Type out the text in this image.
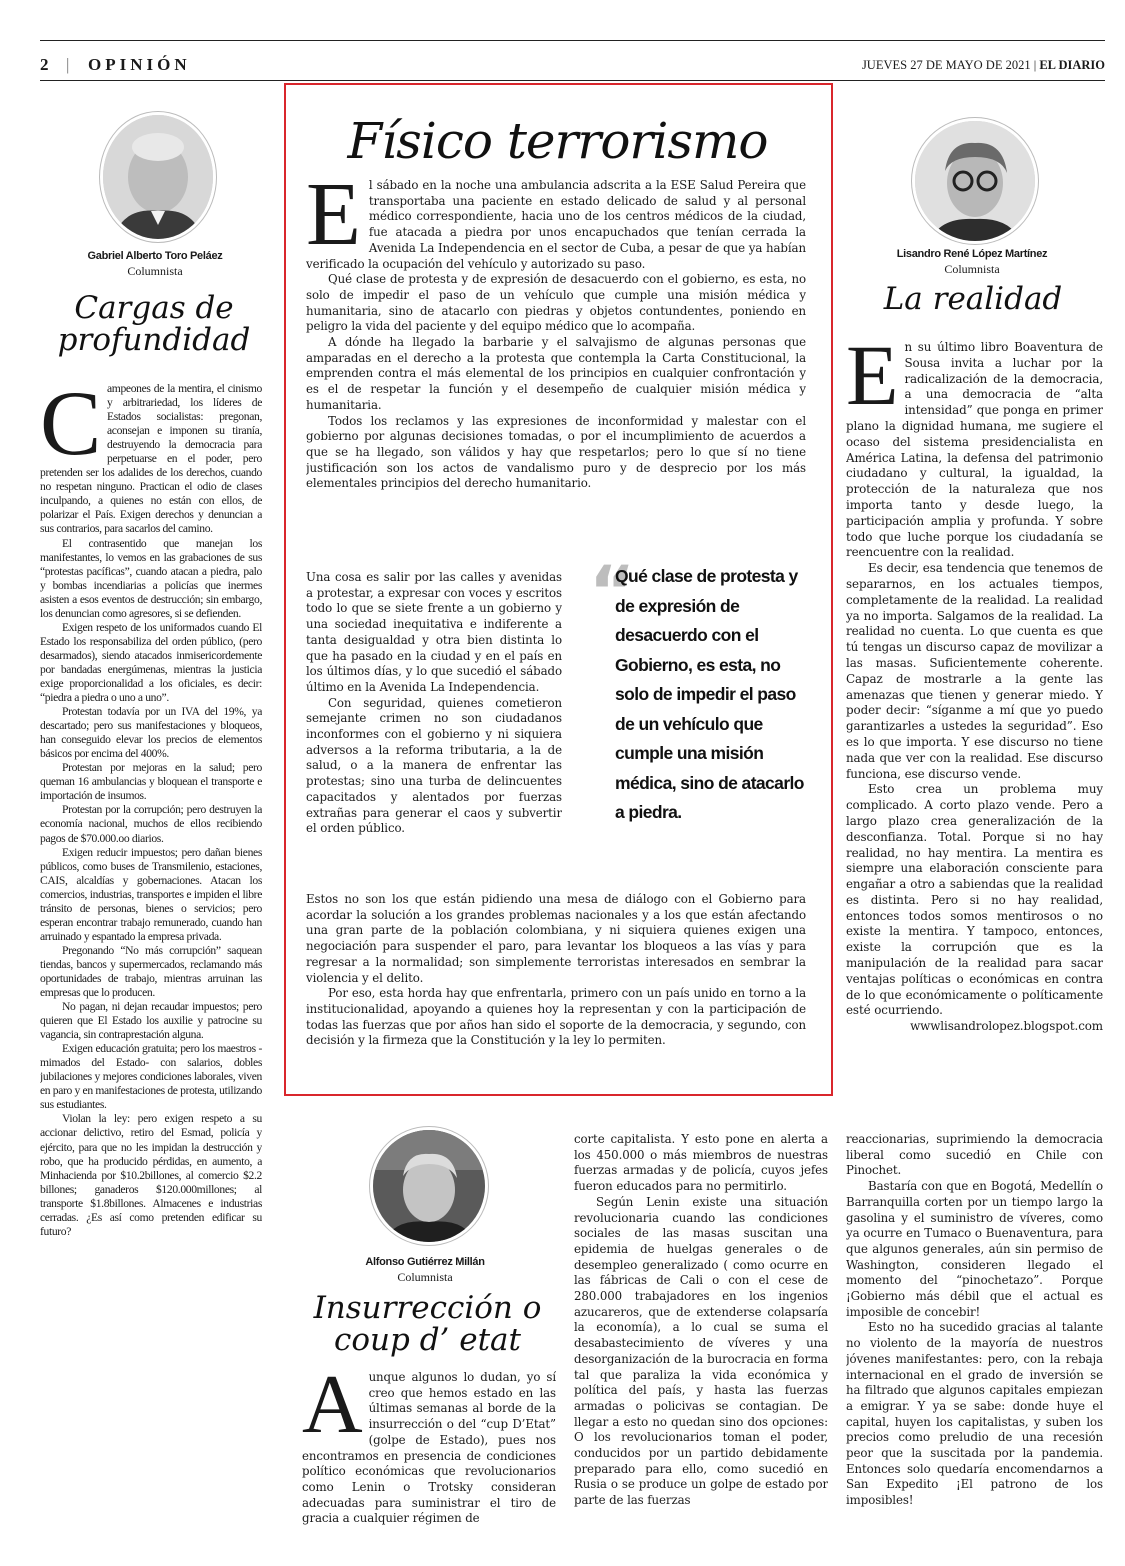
2 | OPINIÓN	JUEVES 27 DE MAYO DE 2021 | EL DIARIO
Gabriel Alberto Toro Peláez
Columnista
Cargas de
profundidad

Campeones de la mentira, el cinismo y arbitrariedad, los líderes de Estados socialistas: pregonan, aconsejan e imponen su tiranía, destruyendo la democracia para perpetuarse en el poder, pero pretenden ser los adalides de los derechos, cuando no respetan ninguno. Practican el odio de clases inculpando, a quienes no están con ellos, de polarizar el País. Exigen derechos y denuncian a sus contrarios, para sacarlos del camino.

El contrasentido que manejan los manifestantes, lo vemos en las grabaciones de sus “protestas pacíficas”, cuando atacan a piedra, palo y bombas incendiarias a policías que inermes asisten a esos eventos de destrucción; sin embargo, los denuncian como agresores, si se defienden.

Exigen respeto de los uniformados cuando El Estado los responsabiliza del orden público, (pero desarmados), siendo atacados inmisericordemente por bandadas energúmenas, mientras la justicia exige proporcionalidad a los oficiales, es decir: “piedra a piedra o uno a uno”.

Protestan todavía por un IVA del 19%, ya descartado; pero sus manifestaciones y bloqueos, han conseguido elevar los precios de elementos básicos por encima del 400%.

Protestan por mejoras en la salud; pero queman 16 ambulancias y bloquean el transporte e importación de insumos.

Protestan por la corrupción; pero destruyen la economía nacional, muchos de ellos recibiendo pagos de $70.000.oo diarios.

Exigen reducir impuestos; pero dañan bienes públicos, como buses de Transmilenio, estaciones, CAIS, alcaldías y gobernaciones. Atacan los comercios, industrias, transportes e impiden el libre tránsito de personas, bienes o servicios; pero esperan encontrar trabajo remunerado, cuando han arruinado y espantado la empresa privada.

Pregonando “No más corrupción” saquean tiendas, bancos y supermercados, reclamando más oportunidades de trabajo, mientras arruinan las empresas que lo producen.

No pagan, ni dejan recaudar impuestos; pero quieren que El Estado los auxilie y patrocine su vagancia, sin contraprestación alguna.

Exigen educación gratuita; pero los maestros -mimados del Estado- con salarios, dobles jubilaciones y mejores condiciones laborales, viven en paro y en manifestaciones de protesta, utilizando sus estudiantes.

Violan la ley: pero exigen respeto a su accionar delictivo, retiro del Esmad, policía y ejército, para que no les impidan la destrucción y robo, que ha producido pérdidas, en aumento, a Minhacienda por $10.2billones, al comercio $2.2 billones; ganaderos $120.000millones; al transporte $1.8billones. Almacenes e industrias cerradas. ¿Es así como pretenden edificar su futuro?

Físico terrorismo

El sábado en la noche una ambulancia adscrita a la ESE Salud Pereira que transportaba una paciente en estado delicado de salud y al personal médico correspondiente, hacia uno de los centros médicos de la ciudad, fue atacada a piedra por unos encapuchados que tenían cerrada la Avenida La Independencia en el sector de Cuba, a pesar de que ya habían verificado la ocupación del vehículo y autorizado su paso.

Qué clase de protesta y de expresión de desacuerdo con el gobierno, es esta, no solo de impedir el paso de un vehículo que cumple una misión médica y humanitaria, sino de atacarlo con piedras y objetos contundentes, poniendo en peligro la vida del paciente y del equipo médico que lo acompaña.

A dónde ha llegado la barbarie y el salvajismo de algunas personas que amparadas en el derecho a la protesta que contempla la Carta Constitucional, la emprenden contra el más elemental de los principios en cualquier confrontación y es el de respetar la función y el desempeño de cualquier misión médica y humanitaria.

Todos los reclamos y las expresiones de inconformidad y malestar con el gobierno por algunas decisiones tomadas, o por el incumplimiento de acuerdos a que se ha llegado, son válidos y hay que respetarlos; pero lo que sí no tiene justificación son los actos de vandalismo puro y de desprecio por los más elementales principios del derecho humanitario.

Una cosa es salir por las calles y avenidas a protestar, a expresar con voces y escritos todo lo que se siete frente a un gobierno y una sociedad inequitativa e indiferente a tanta desigualdad y otra bien distinta lo que ha pasado en la ciudad y en el país en los últimos días, y lo que sucedió el sábado último en la Avenida La Independencia.

Con seguridad, quienes cometieron semejante crimen no son ciudadanos inconformes con el gobierno y ni siquiera adversos a la reforma tributaria, a la de salud, o a la manera de enfrentar las protestas; sino una turba de delincuentes capacitados y alentados por fuerzas extrañas para generar el caos y subvertir el orden público.

“
Qué clase de protesta y de expresión de desacuerdo con el Gobierno, es esta, no solo de impedir el paso de un vehículo que cumple una misión médica, sino de atacarlo a piedra.

Estos no son los que están pidiendo una mesa de diálogo con el Gobierno para acordar la solución a los grandes problemas nacionales y a los que están afectando una gran parte de la población colombiana, y ni siquiera quienes exigen una negociación para suspender el paro, para levantar los bloqueos a las vías y para regresar a la normalidad; son simplemente terroristas interesados en sembrar la violencia y el delito.

Por eso, esta horda hay que enfrentarla, primero con un país unido en torno a la institucionalidad, apoyando a quienes hoy la representan y con la participación de todas las fuerzas que por años han sido el soporte de la democracia, y segundo, con decisión y la firmeza que la Constitución y la ley lo permiten.

Lisandro René López Martínez
Columnista
La realidad

En su último libro Boaventura de Sousa invita a luchar por la radicalización de la democracia, a una democracia de “alta intensidad” que ponga en primer plano la dignidad humana, me sugiere el ocaso del sistema presidencialista en América Latina, la defensa del patrimonio ciudadano y cultural, la igualdad, la protección de la naturaleza que nos importa tanto y desde luego, la participación amplia y profunda. Y sobre todo que luche porque los ciudadanía se reencuentre con la realidad.

Es decir, esa tendencia que tenemos de separarnos, en los actuales tiempos, completamente de la realidad. La realidad ya no importa. Salgamos de la realidad. La realidad no cuenta. Lo que cuenta es que tú tengas un discurso capaz de movilizar a las masas. Suficientemente coherente. Capaz de mostrarle a la gente las amenazas que tienen y generar miedo. Y poder decir: “síganme a mí que yo puedo garantizarles a ustedes la seguridad”. Eso es lo que importa. Y ese discurso no tiene nada que ver con la realidad. Ese discurso funciona, ese discurso vende.

Esto crea un problema muy complicado. A corto plazo vende. Pero a largo plazo crea generalización de la desconfianza. Total. Porque si no hay realidad, no hay mentira. La mentira es siempre una elaboración consciente para engañar a otro a sabiendas que la realidad es distinta. Pero si no hay realidad, entonces todos somos mentirosos o no existe la mentira. Y tampoco, entonces, existe la corrupción que es la manipulación de la realidad para sacar ventajas políticas o económicas en contra de lo que económicamente o políticamente esté ocurriendo.

wwwlisandrolopez.blogspot.com

Alfonso Gutiérrez Millán
Columnista
Insurrección o
coup d’ etat

Aunque algunos lo dudan, yo sí creo que hemos estado en las últimas semanas al borde de la insurrección o del “cup D’Etat” (golpe de Estado), pues nos encontramos en presencia de condiciones político económicas que revolucionarios como Lenin o Trotsky consideran adecuadas para suministrar el tiro de gracia a cualquier régimen de

corte capitalista. Y esto pone en alerta a los 450.000 o más miembros de nuestras fuerzas armadas y de policía, cuyos jefes fueron educados para no permitirlo.

Según Lenin existe una situación revolucionaria cuando las condiciones sociales de las masas suscitan una epidemia de huelgas generales o de desempleo generalizado ( como ocurre en las fábricas de Cali o con el cese de 280.000 trabajadores en los ingenios azucareros, que de extenderse colapsaría la economía), a lo cual se suma el desabastecimiento de víveres y una desorganización de la burocracia en forma tal que paraliza la vida económica y política del país, y hasta las fuerzas armadas o policivas se contagian. De llegar a esto no quedan sino dos opciones: O los revolucionarios toman el poder, conducidos por un partido debidamente preparado para ello, como sucedió en Rusia o se produce un golpe de estado por parte de las fuerzas

reaccionarias, suprimiendo la democracia liberal como sucedió en Chile con Pinochet.

Bastaría con que en Bogotá, Medellín o Barranquilla corten por un tiempo largo la gasolina y el suministro de víveres, como ya ocurre en Tumaco o Buenaventura, para que algunos generales, aún sin permiso de Washington, consideren llegado el momento del “pinochetazo”. Porque ¡Gobierno más débil que el actual es imposible de concebir!

Esto no ha sucedido gracias al talante no violento de la mayoría de nuestros jóvenes manifestantes: pero, con la rebaja internacional en el grado de inversión se ha filtrado que algunos capitales empiezan a emigrar. Y ya se sabe: donde huye el capital, huyen los capitalistas, y suben los precios como preludio de una recesión peor que la suscitada por la pandemia. Entonces solo quedaría encomendarnos a San Expedito ¡El patrono de los imposibles!
